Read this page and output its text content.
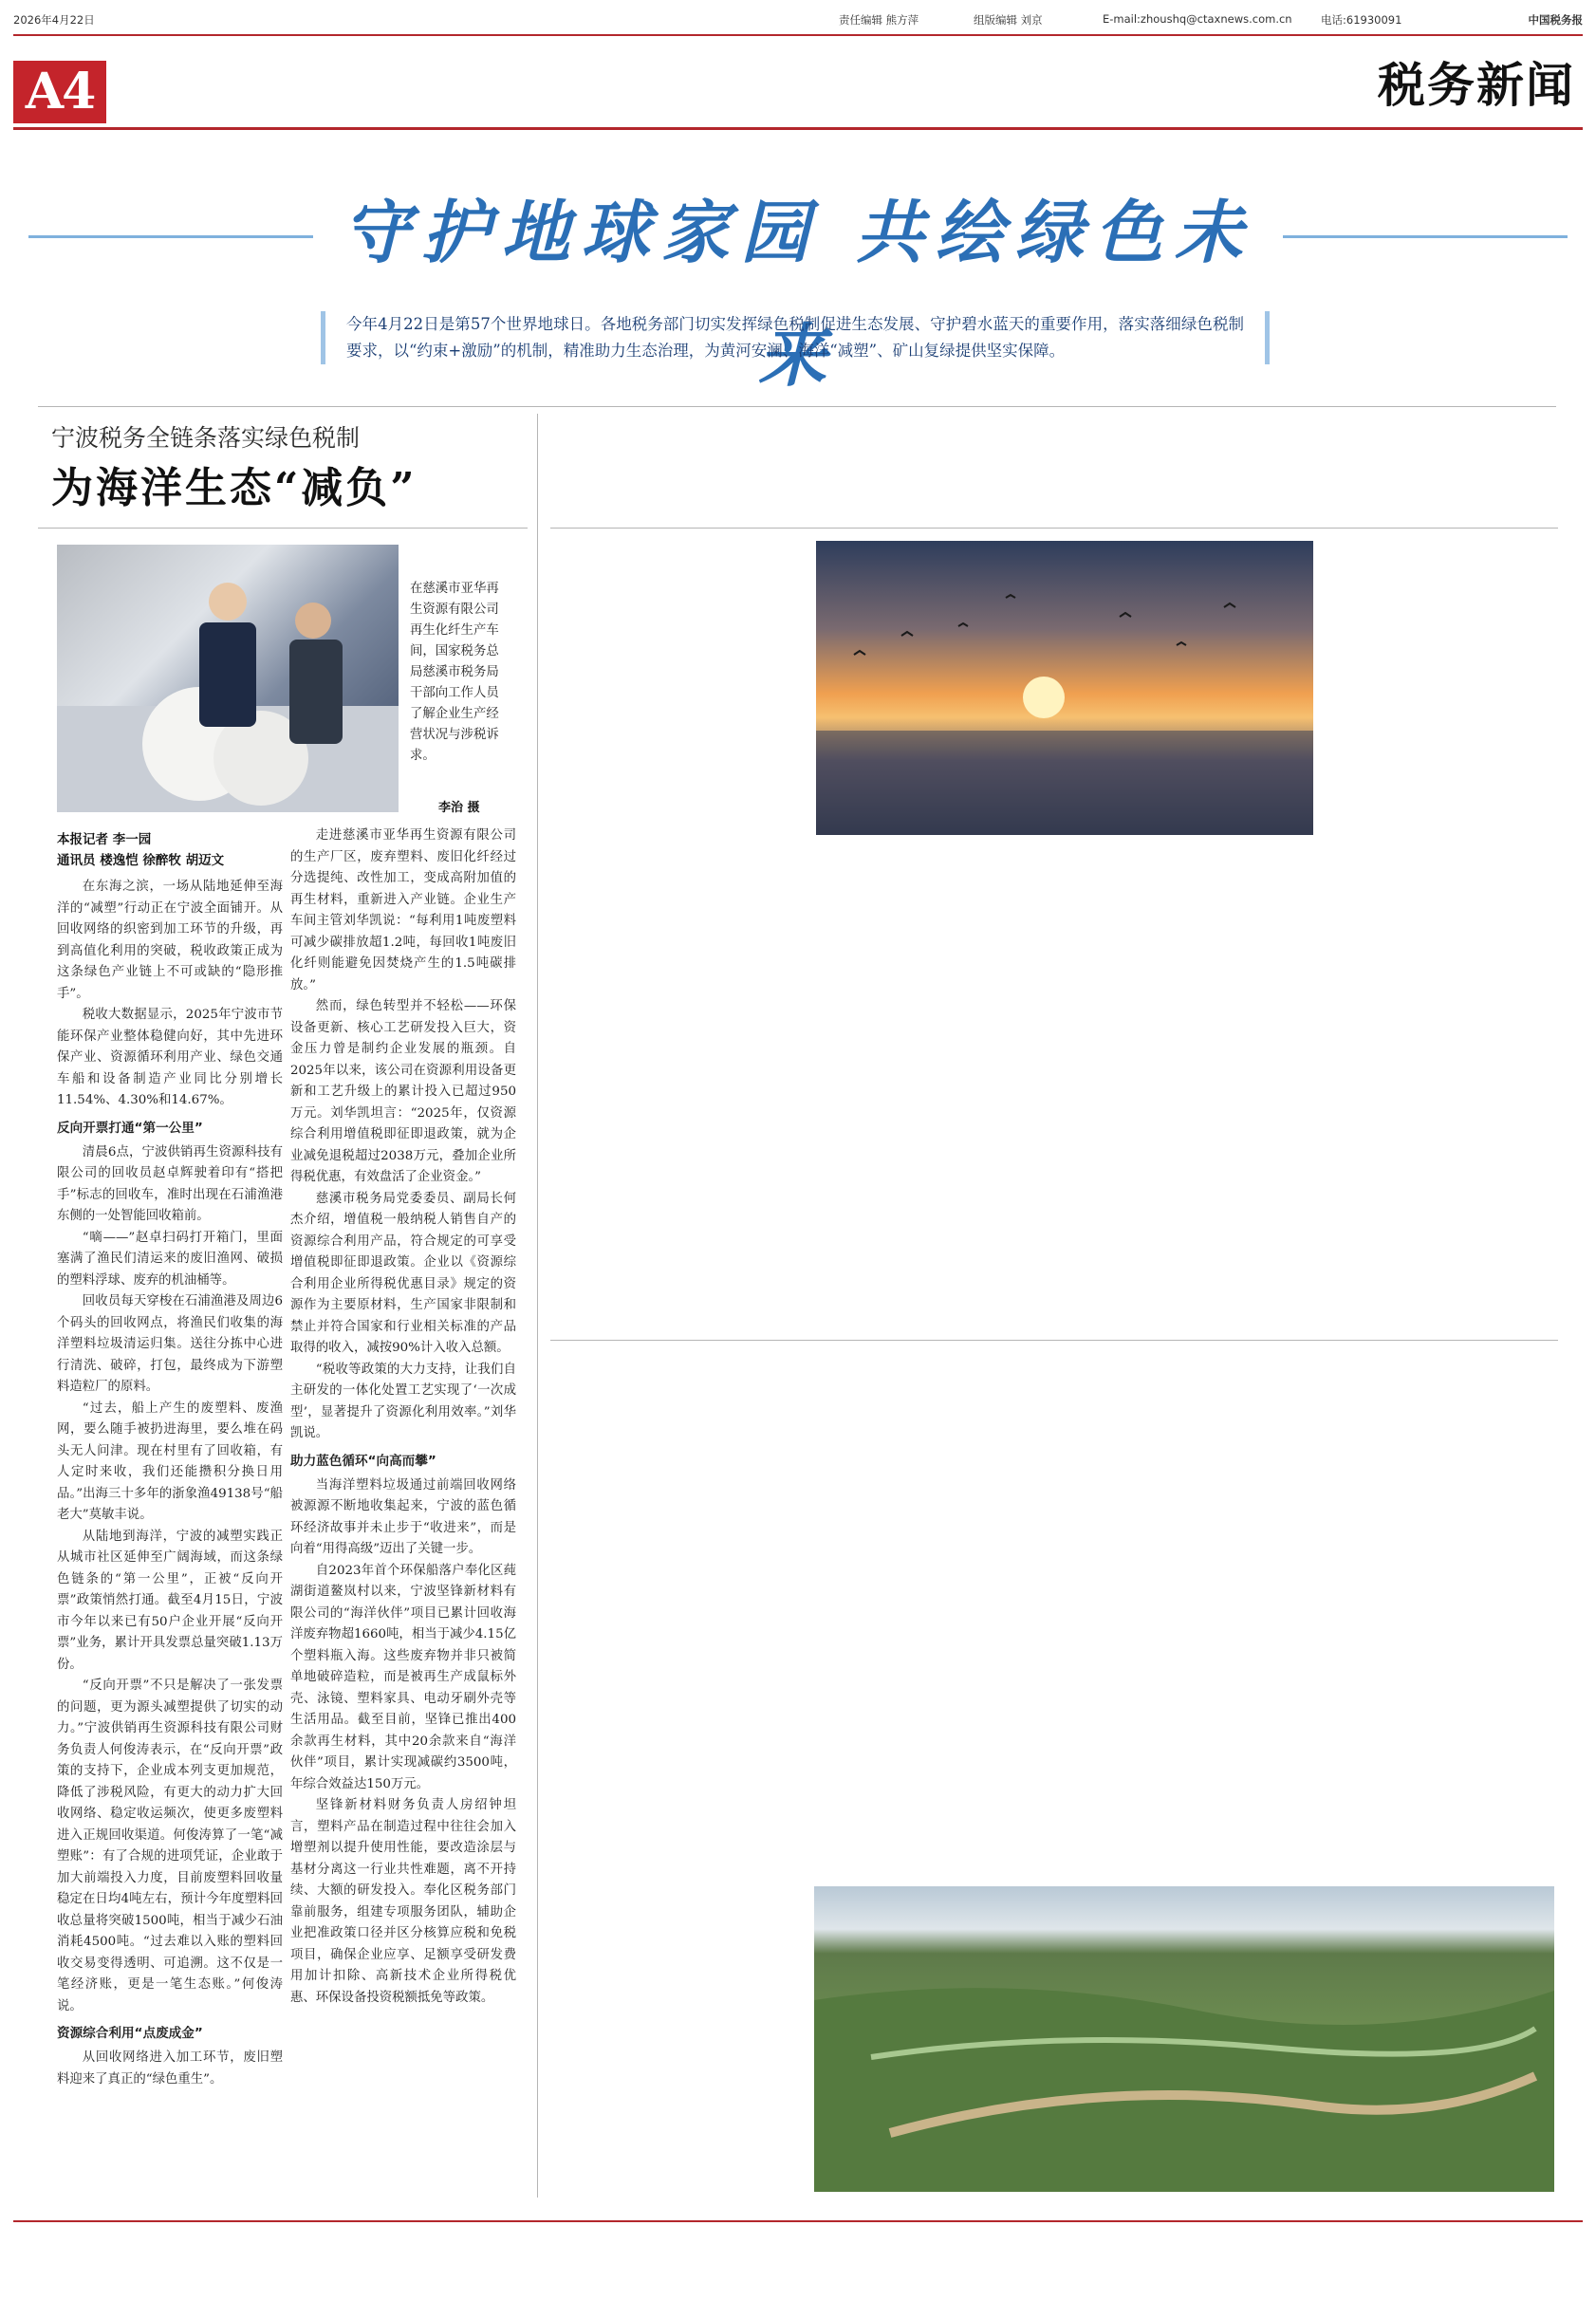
2026年4月22日	责任编辑 熊方萍	组版编辑 刘京	E-mail:zhoushq@ctaxnews.com.cn	电话:61930091	中国税务报
A4	税务新闻
守护地球家园 共绘绿色未来
今年4月22日是第57个世界地球日。各地税务部门切实发挥绿色税制促进生态发展、守护碧水蓝天的重要作用，落实落细绿色税制要求，以“约束+激励”的机制，精准助力生态治理，为黄河安澜、海洋“减塑”、矿山复绿提供坚实保障。
宁波税务全链条落实绿色税制
为海洋生态“减负”
在慈溪市亚华再生资源有限公司再生化纤生产车间，国家税务总局慈溪市税务局干部向工作人员了解企业生产经营状况与涉税诉求。
李治 摄
本报记者 李一园
通讯员 楼逸恺 徐醉牧 胡迈文

在东海之滨，一场从陆地延伸至海洋的“减塑”行动正在宁波全面铺开。从回收网络的织密到加工环节的升级，再到高值化利用的突破，税收政策正成为这条绿色产业链上不可或缺的“隐形推手”。

税收大数据显示，2025年宁波市节能环保产业整体稳健向好，其中先进环保产业、资源循环利用产业、绿色交通车船和设备制造产业同比分别增长11.54%、4.30%和14.67%。

反向开票打通“第一公里”

清晨6点，宁波供销再生资源科技有限公司的回收员赵卓辉驶着印有“搭把手”标志的回收车，准时出现在石浦渔港东侧的一处智能回收箱前。

“嘀——”赵卓扫码打开箱门，里面塞满了渔民们清运来的废旧渔网、破损的塑料浮球、废弃的机油桶等。

回收员每天穿梭在石浦渔港及周边6个码头的回收网点，将渔民们收集的海洋塑料垃圾清运归集。送往分拣中心进行清洗、破碎，打包，最终成为下游塑料造粒厂的原料。

“过去，船上产生的废塑料、废渔网，要么随手被扔进海里，要么堆在码头无人问津。现在村里有了回收箱，有人定时来收，我们还能攒积分换日用品。”出海三十多年的浙象渔49138号“船老大”莫敏丰说。

从陆地到海洋，宁波的减塑实践正从城市社区延伸至广阔海域，而这条绿色链条的“第一公里”，正被“反向开票”政策悄然打通。截至4月15日，宁波市今年以来已有50户企业开展“反向开票”业务，累计开具发票总量突破1.13万份。

“反向开票”不只是解决了一张发票的问题，更为源头减塑提供了切实的动力。”宁波供销再生资源科技有限公司财务负责人何俊涛表示，在“反向开票”政策的支持下，企业成本列支更加规范，降低了涉税风险，有更大的动力扩大回收网络、稳定收运频次，使更多废塑料进入正规回收渠道。何俊涛算了一笔“减塑账”：有了合规的进项凭证，企业敢于加大前端投入力度，目前废塑料回收量稳定在日均4吨左右，预计今年度塑料回收总量将突破1500吨，相当于减少石油消耗4500吨。“过去难以入账的塑料回收交易变得透明、可追溯。这不仅是一笔经济账，更是一笔生态账。”何俊涛说。

资源综合利用“点废成金”

从回收网络进入加工环节，废旧塑料迎来了真正的“绿色重生”。

走进慈溪市亚华再生资源有限公司的生产厂区，废弃塑料、废旧化纤经过分选提纯、改性加工，变成高附加值的再生材料，重新进入产业链。企业生产车间主管刘华凯说：“每利用1吨废塑料可减少碳排放超1.2吨，每回收1吨废旧化纤则能避免因焚烧产生的1.5吨碳排放。”

然而，绿色转型并不轻松——环保设备更新、核心工艺研发投入巨大，资金压力曾是制约企业发展的瓶颈。自2025年以来，该公司在资源利用设备更新和工艺升级上的累计投入已超过950万元。刘华凯坦言：“2025年，仅资源综合利用增值税即征即退政策，就为企业减免退税超过2038万元，叠加企业所得税优惠，有效盘活了企业资金。”

慈溪市税务局党委委员、副局长何杰介绍，增值税一般纳税人销售自产的资源综合利用产品，符合规定的可享受增值税即征即退政策。企业以《资源综合利用企业所得税优惠目录》规定的资源作为主要原材料，生产国家非限制和禁止并符合国家和行业相关标准的产品取得的收入，减按90%计入收入总额。

“税收等政策的大力支持，让我们自主研发的一体化处置工艺实现了‘一次成型’，显著提升了资源化利用效率。”刘华凯说。

助力蓝色循环“向高而攀”

当海洋塑料垃圾通过前端回收网络被源源不断地收集起来，宁波的蓝色循环经济故事并未止步于“收进来”，而是向着“用得高级”迈出了关键一步。

自2023年首个环保船落户奉化区莼湖街道鳌岚村以来，宁波坚锋新材料有限公司的“海洋伙伴”项目已累计回收海洋废弃物超1660吨，相当于减少4.15亿个塑料瓶入海。这些废弃物并非只被简单地破碎造粒，而是被再生产成鼠标外壳、泳镜、塑料家具、电动牙刷外壳等生活用品。截至目前，坚锋已推出400余款再生材料，其中20余款来自“海洋伙伴”项目，累计实现减碳约3500吨，年综合效益达150万元。

坚锋新材料财务负责人房绍钟坦言，塑料产品在制造过程中往往会加入增塑剂以提升使用性能，要改造涂层与基材分离这一行业共性难题，离不开持续、大额的研发投入。奉化区税务部门靠前服务，组建专项服务团队，辅助企业把准政策口径并区分核算应税和免税项目，确保企业应享、足额享受研发费用加计扣除、高新技术企业所得税优惠、环保设备投资税额抵免等政策。
